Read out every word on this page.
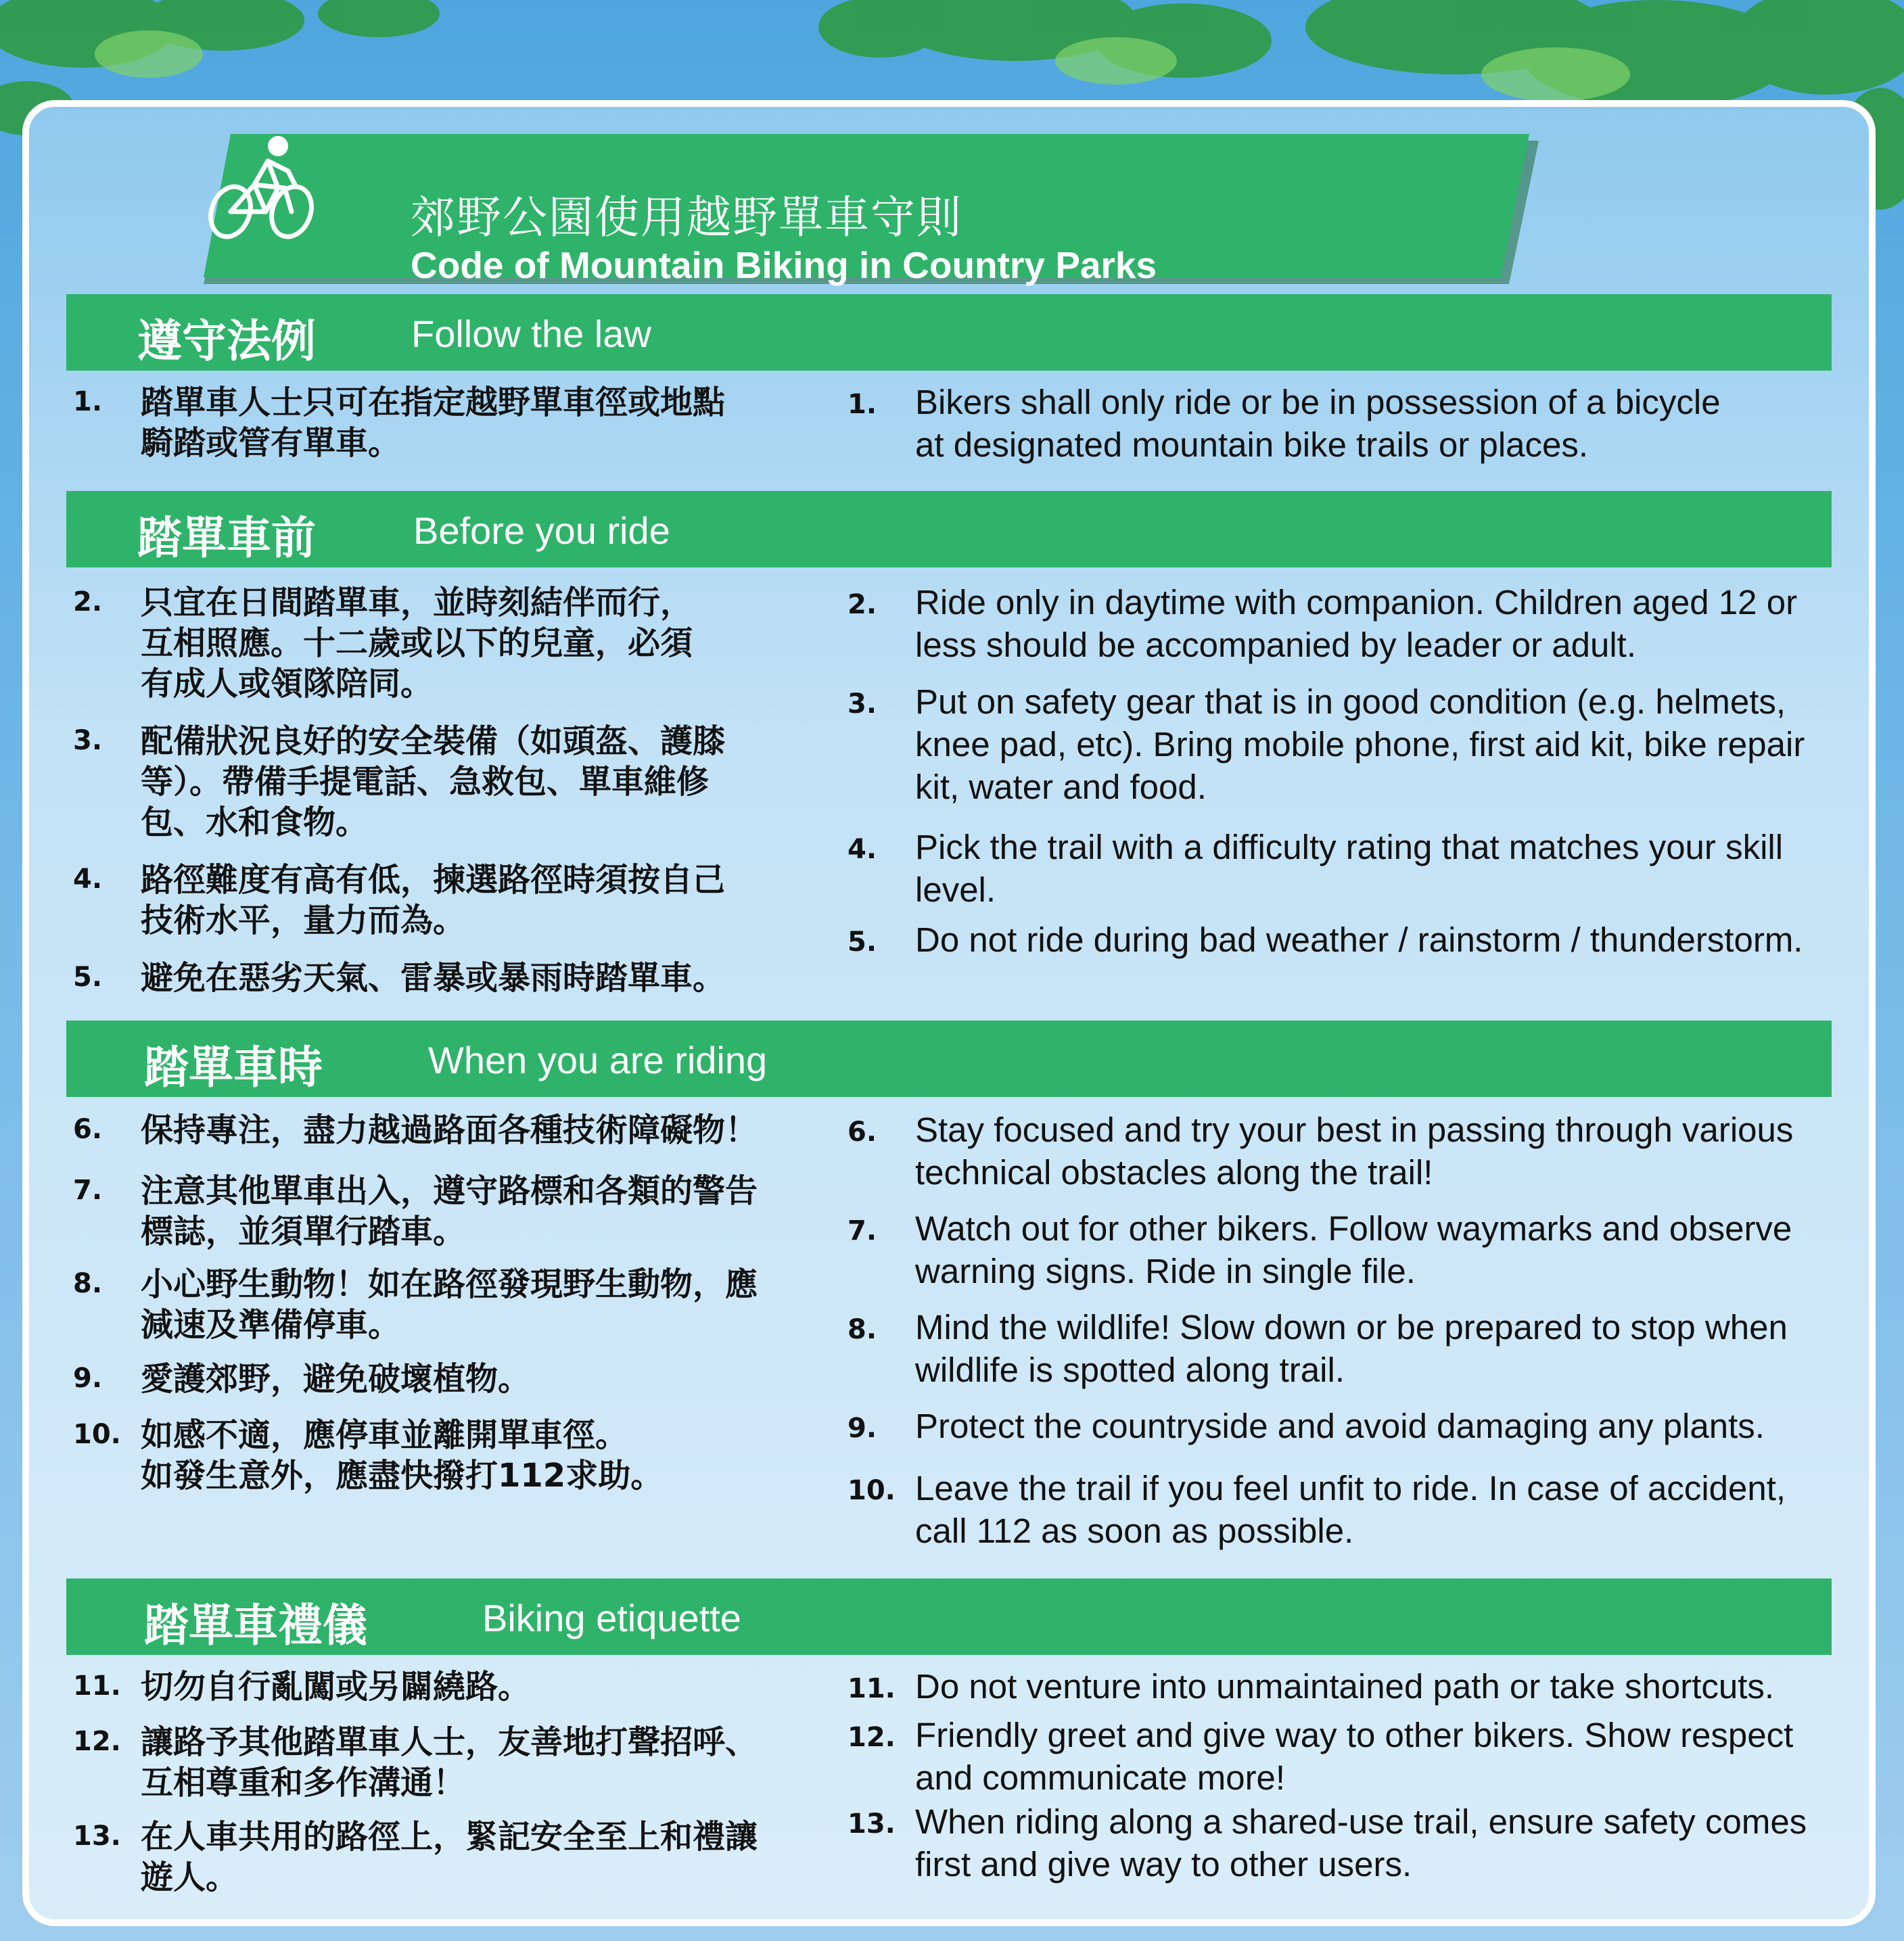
郊野公園使用越野單車守則
Code of Mountain Biking in Country Parks
遵守法例	Follow the law
1. 踏單車人士只可在指定越野單車徑或地點
騎踏或管有單車。
1. Bikers shall only ride or be in possession of a bicycle
at designated mountain bike trails or places.
踏單車前	Before you ride
2. 只宜在日間踏單車，並時刻結伴而行，
互相照應。十二歲或以下的兒童，必須
有成人或領隊陪同。
3. 配備狀況良好的安全裝備（如頭盔、護膝
等）。帶備手提電話、急救包、單車維修
包、水和食物。
4. 路徑難度有高有低，揀選路徑時須按自己
技術水平，量力而為。
5. 避免在惡劣天氣、雷暴或暴雨時踏單車。
2. Ride only in daytime with companion. Children aged 12 or
less should be accompanied by leader or adult.
3. Put on safety gear that is in good condition (e.g. helmets,
knee pad, etc). Bring mobile phone, first aid kit, bike repair
kit, water and food.
4. Pick the trail with a difficulty rating that matches your skill
level.
5. Do not ride during bad weather / rainstorm / thunderstorm.
踏單車時	When you are riding
6. 保持專注，盡力越過路面各種技術障礙物！
7. 注意其他單車出入，遵守路標和各類的警告
標誌，並須單行踏車。
8. 小心野生動物！如在路徑發現野生動物，應
減速及準備停車。
9. 愛護郊野，避免破壞植物。
10. 如感不適，應停車並離開單車徑。
如發生意外，應盡快撥打112求助。
6. Stay focused and try your best in passing through various
technical obstacles along the trail!
7. Watch out for other bikers. Follow waymarks and observe
warning signs. Ride in single file.
8. Mind the wildlife! Slow down or be prepared to stop when
wildlife is spotted along trail.
9. Protect the countryside and avoid damaging any plants.
10. Leave the trail if you feel unfit to ride. In case of accident,
call 112 as soon as possible.
踏單車禮儀	Biking etiquette
11. 切勿自行亂闖或另闢繞路。
12. 讓路予其他踏單車人士，友善地打聲招呼、
互相尊重和多作溝通！
13. 在人車共用的路徑上，緊記安全至上和禮讓
遊人。
11. Do not venture into unmaintained path or take shortcuts.
12. Friendly greet and give way to other bikers. Show respect
and communicate more!
13. When riding along a shared-use trail, ensure safety comes
first and give way to other users.
